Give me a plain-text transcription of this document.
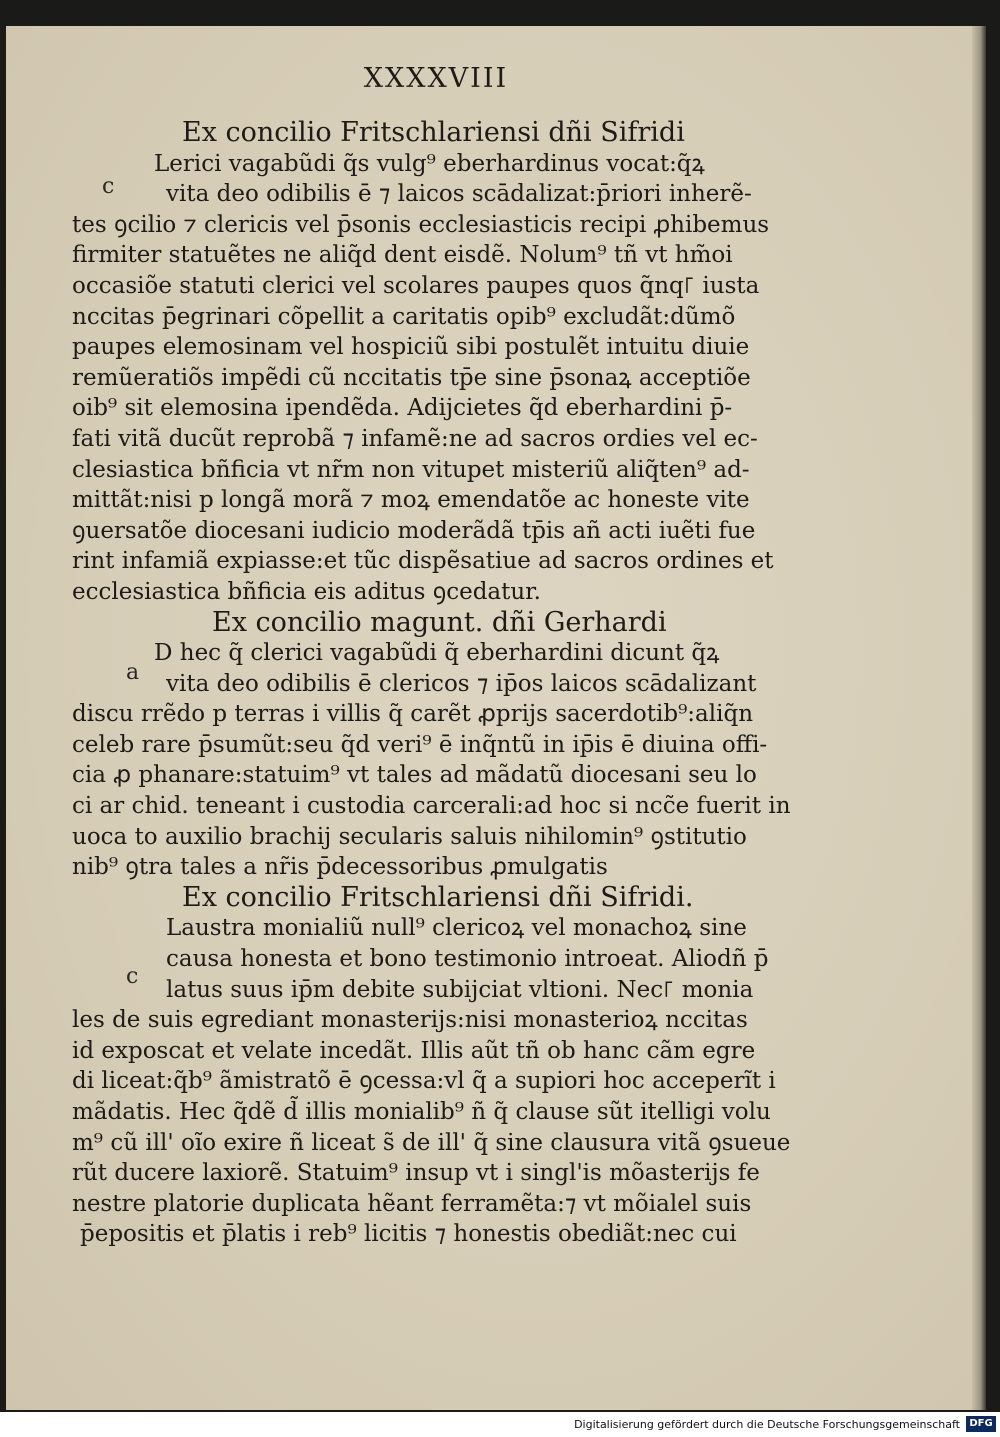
XXXXVIII
Ex concilio Fritschlariensi dñi Sifridi
Lerici vagabũdi q̃s vulg⁹ eberhardinus vocat:q̃ꝝ
vita deo odibilis ē ⁊ laicos scādalizat:p̄riori inherẽ-
tes ꝯcilio ⁊ clericis vel p̄sonis ecclesiasticis recipi ꝓhibemus
firmiter statuẽtes ne aliq̃d dent eisdẽ. Nolum⁹ tñ vt hm̃oi
occasiõe statuti clerici vel scolares paupes quos q̃nq꜒ iusta
nccitas p̄egrinari cõpellit a caritatis opib⁹ excludãt:dũmõ
paupes elemosinam vel hospiciũ sibi postulẽt intuitu diuie
remũeratiõs impẽdi cũ nccitatis tp̄e sine p̄sonaꝝ acceptiõe
oib⁹ sit elemosina ipendẽda. Adijcietes q̃d eberhardini p̄-
fati vitã ducũt reprobã ⁊ infamẽ:ne ad sacros ordies vel ec-
clesiastica bñficia vt nr̃m non vitupet misteriũ aliq̃ten⁹ ad-
mittãt:nisi p longã morã ⁊ moꝝ emendatõe ac honeste vite
ꝯuersatõe diocesani iudicio moderãdã tp̄is añ acti iuẽti fue
rint infamiã expiasse:et tũc dispẽsatiue ad sacros ordines et
ecclesiastica bñficia eis aditus ꝯcedatur.
Ex concilio magunt. dñi Gerhardi
D hec q̃ clerici vagabũdi q̃ eberhardini dicunt q̃ꝝ
vita deo odibilis ē clericos ⁊ ip̄os laicos scādalizant
discu rrẽdo p terras i villis q̃ carẽt ꝓprijs sacerdotib⁹:aliq̃n
celeb rare p̄sumũt:seu q̃d veri⁹ ē inq̃ntũ in ip̄is ē diuina offi-
cia ꝓ phanare:statuim⁹ vt tales ad mãdatũ diocesani seu lo
ci ar chid. teneant i custodia carcerali:ad hoc si ncc̃e fuerit in
uoca to auxilio brachij secularis saluis nihilomin⁹ ꝯstitutio
nib⁹ ꝯtra tales a nr̃is p̄decessoribus ꝓmulgatis
Ex concilio Fritschlariensi dñi Sifridi.
Laustra monialiũ null⁹ clericoꝝ vel monachoꝝ sine
causa honesta et bono testimonio introeat. Aliodñ p̄
latus suus ip̄m debite subijciat vltioni. Nec꜒ monia
les de suis egrediant monasterijs:nisi monasterioꝝ nccitas
id exposcat et velate incedãt. Illis aũt tñ ob hanc cãm egre
di liceat:q̃b⁹ ãmistratõ ē ꝯcessa:vl q̃ a supiori hoc acceperĩt i
mãdatis. Hec q̃dẽ d̃ illis monialib⁹ ñ q̃ clause sũt itelligi volu
m⁹ cũ ill' oĩo exire ñ liceat s̃ de ill' q̃ sine clausura vitã ꝯsueue
rũt ducere laxiorẽ. Statuim⁹ insup vt i singl'is mõasterijs fe
nestre platorie duplicata hẽant ferramẽta:⁊ vt mõialel suis
p̄epositis et p̄latis i reb⁹ licitis ⁊ honestis obediãt:nec cui
c
a
c
Digitalisierung gefördert durch die Deutsche Forschungsgemeinschaft DFG
